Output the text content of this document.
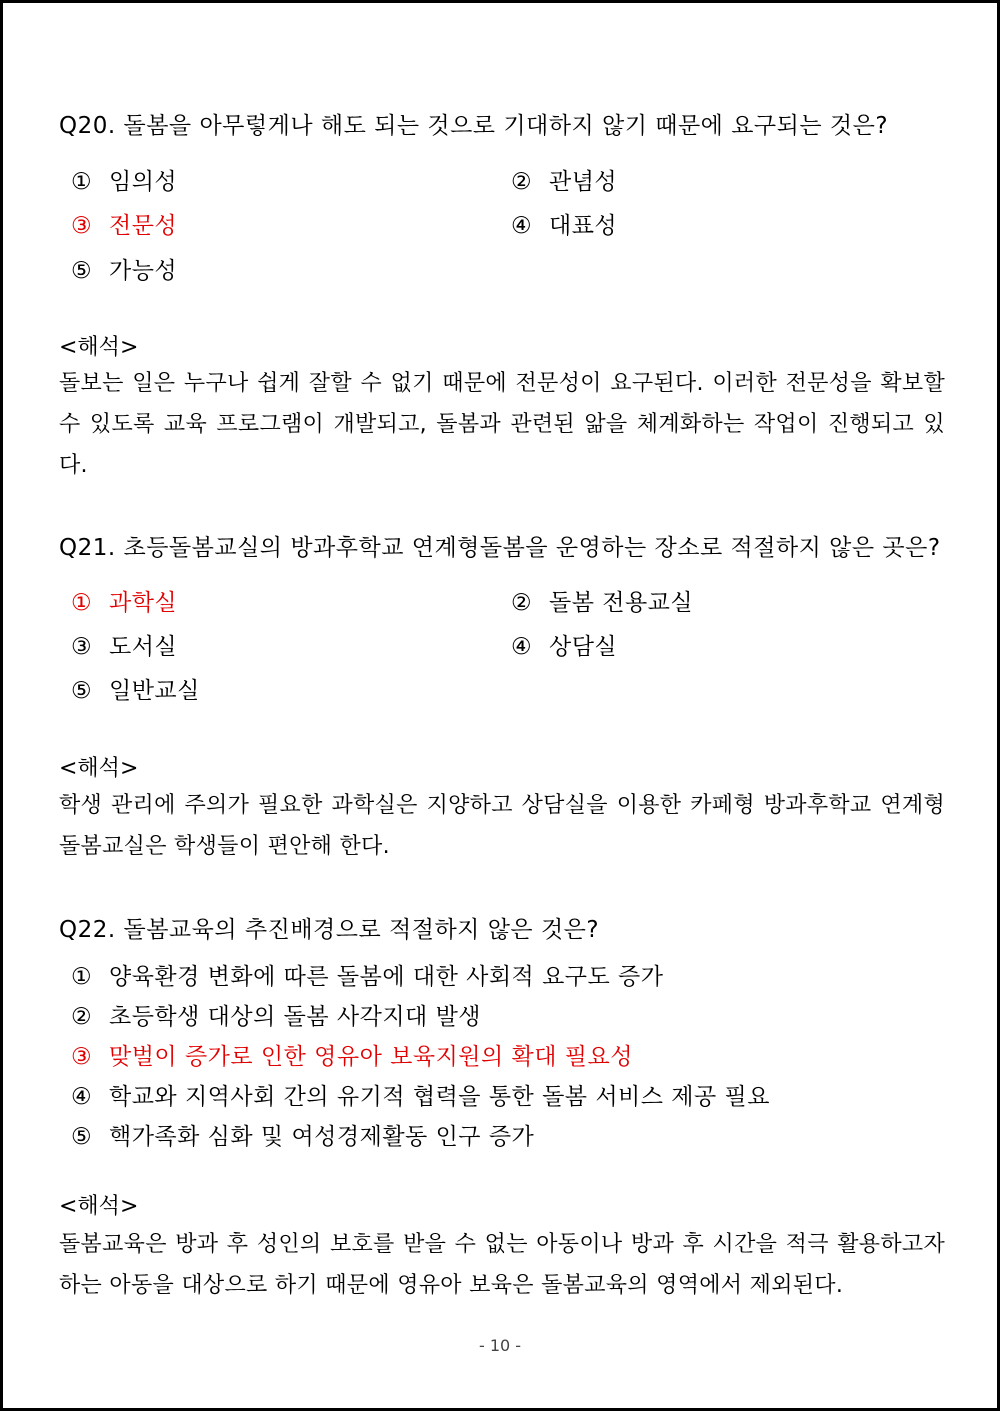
Q20. 돌봄을 아무렇게나 해도 되는 것으로 기대하지 않기 때문에 요구되는 것은?
① 임의성	② 관념성
③ 전문성	④ 대표성
⑤ 가능성
<해석>
돌보는 일은 누구나 쉽게 잘할 수 없기 때문에 전문성이 요구된다. 이러한 전문성을 확보할 수 있도록 교육 프로그램이 개발되고, 돌봄과 관련된 앎을 체계화하는 작업이 진행되고 있다.
Q21. 초등돌봄교실의 방과후학교 연계형돌봄을 운영하는 장소로 적절하지 않은 곳은?
① 과학실	② 돌봄 전용교실
③ 도서실	④ 상담실
⑤ 일반교실
<해석>
학생 관리에 주의가 필요한 과학실은 지양하고 상담실을 이용한 카페형 방과후학교 연계형 돌봄교실은 학생들이 편안해 한다.
Q22. 돌봄교육의 추진배경으로 적절하지 않은 것은?
① 양육환경 변화에 따른 돌봄에 대한 사회적 요구도 증가
② 초등학생 대상의 돌봄 사각지대 발생
③ 맞벌이 증가로 인한 영유아 보육지원의 확대 필요성
④ 학교와 지역사회 간의 유기적 협력을 통한 돌봄 서비스 제공 필요
⑤ 핵가족화 심화 및 여성경제활동 인구 증가
<해석>
돌봄교육은 방과 후 성인의 보호를 받을 수 없는 아동이나 방과 후 시간을 적극 활용하고자 하는 아동을 대상으로 하기 때문에 영유아 보육은 돌봄교육의 영역에서 제외된다.
- 10 -
